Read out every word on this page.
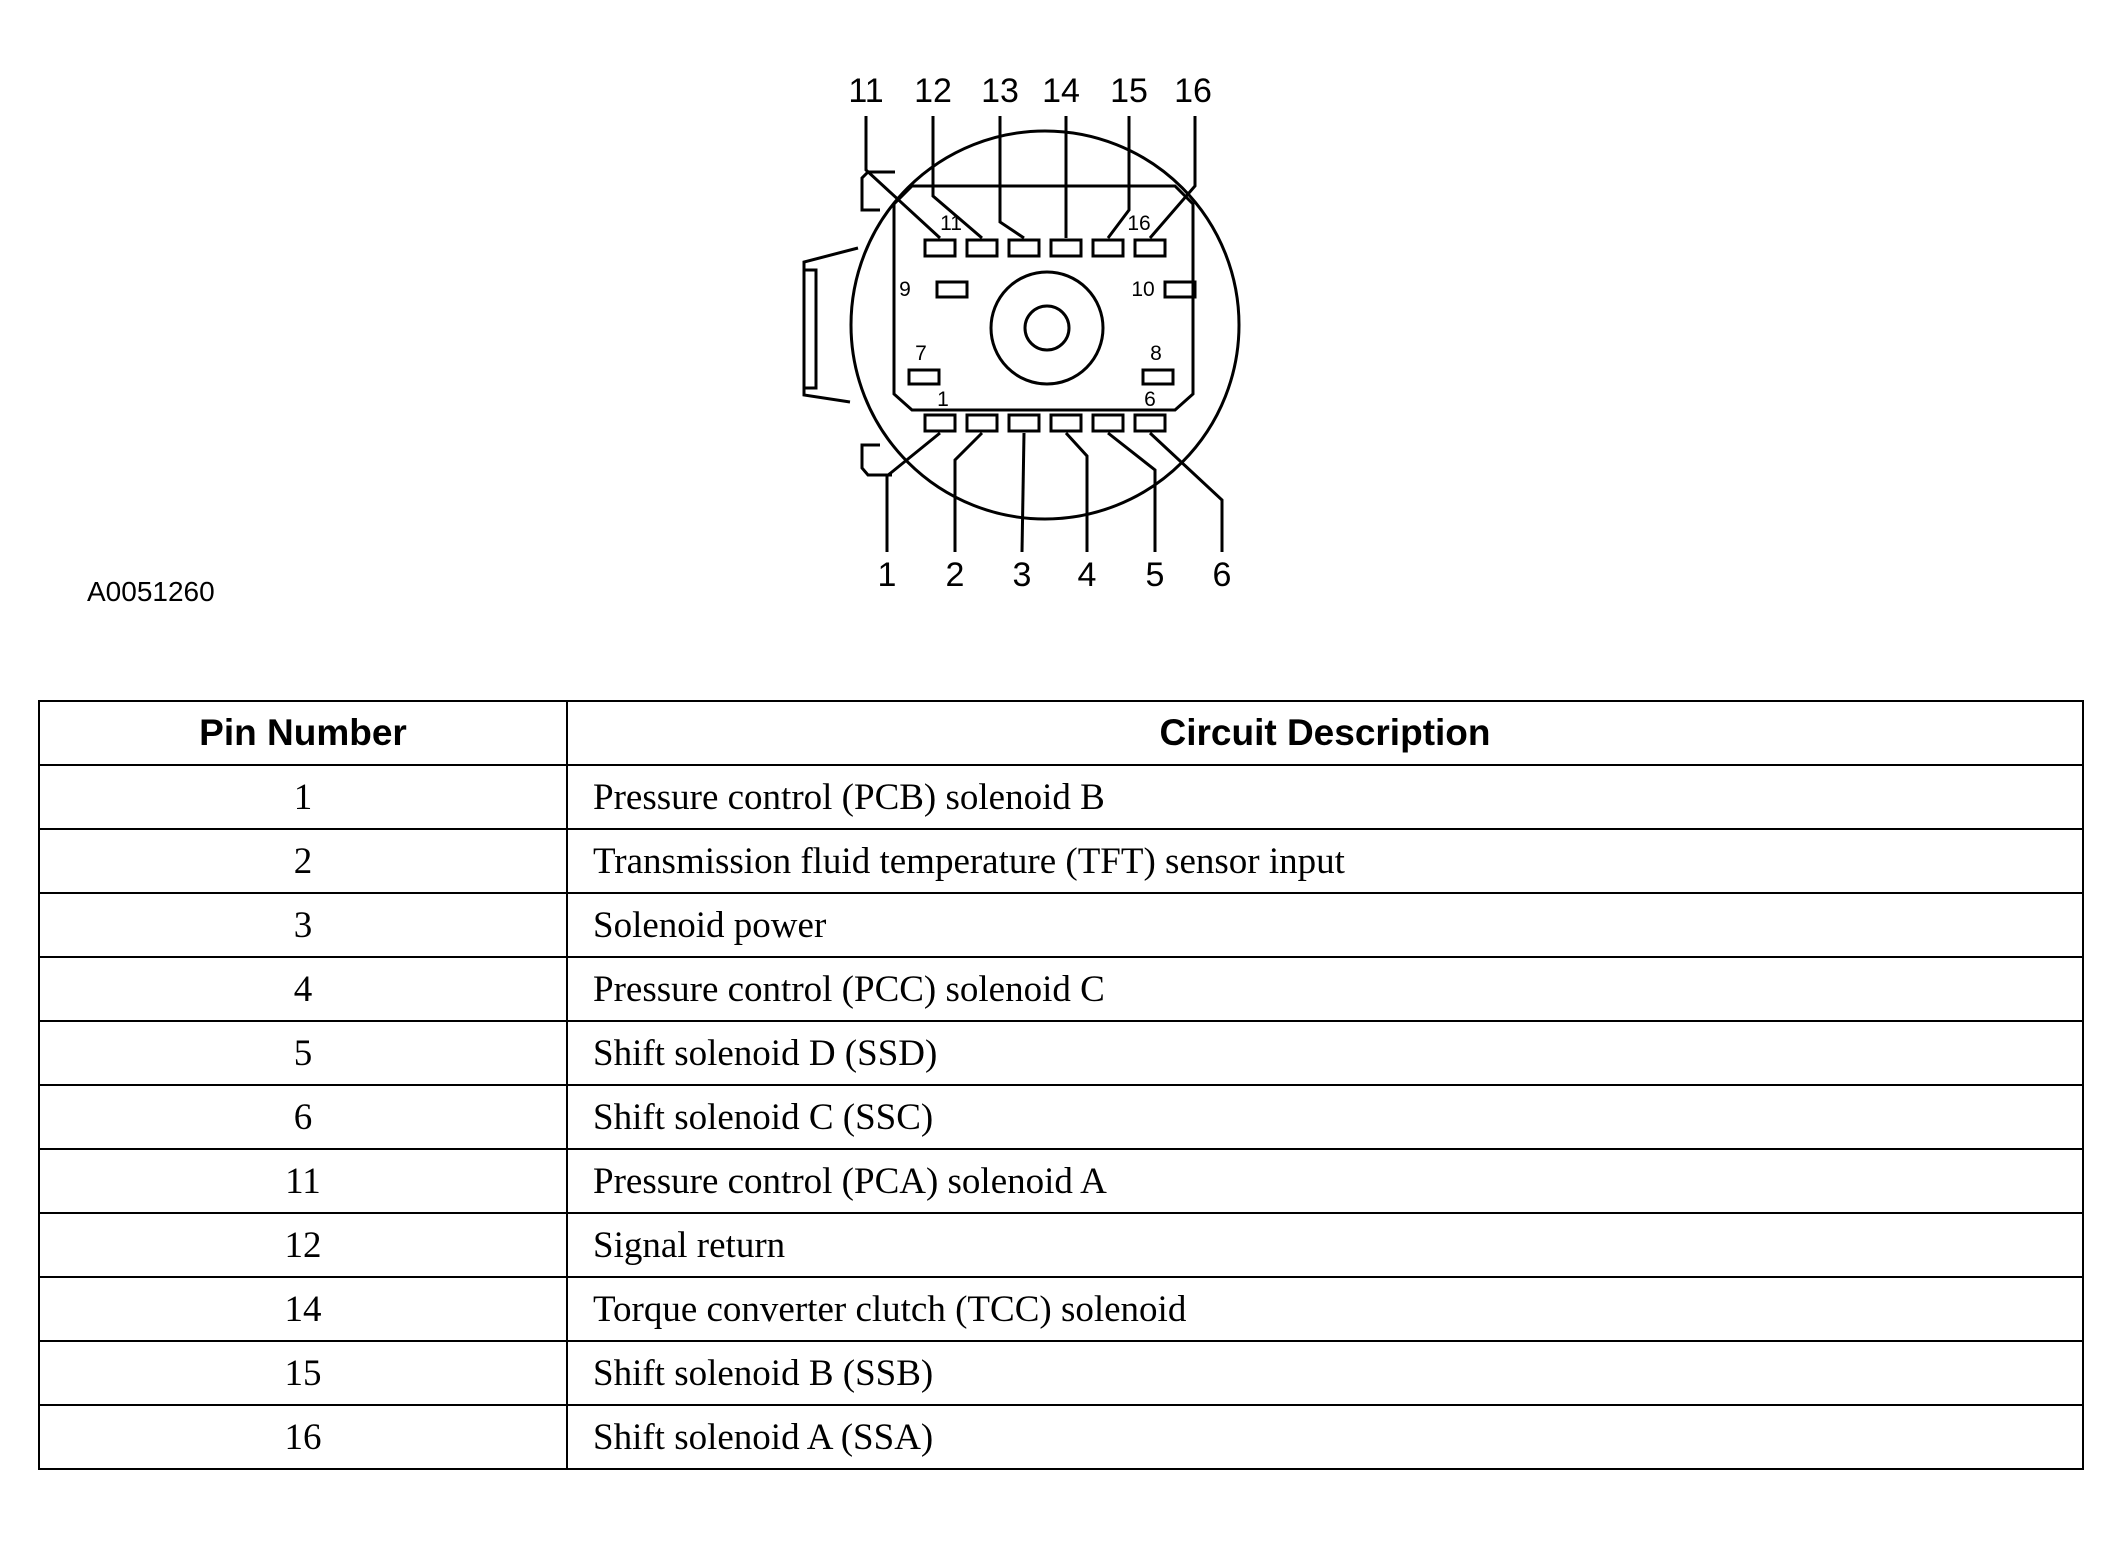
11 12 13 14 15 16
1 2 3 4 5 6
11	16
9	10
7	8
1	6
A0051260
Pin Number	Circuit Description
1	Pressure control (PCB) solenoid B
2	Transmission fluid temperature (TFT) sensor input
3	Solenoid power
4	Pressure control (PCC) solenoid C
5	Shift solenoid D (SSD)
6	Shift solenoid C (SSC)
11	Pressure control (PCA) solenoid A
12	Signal return
14	Torque converter clutch (TCC) solenoid
15	Shift solenoid B (SSB)
16	Shift solenoid A (SSA)
